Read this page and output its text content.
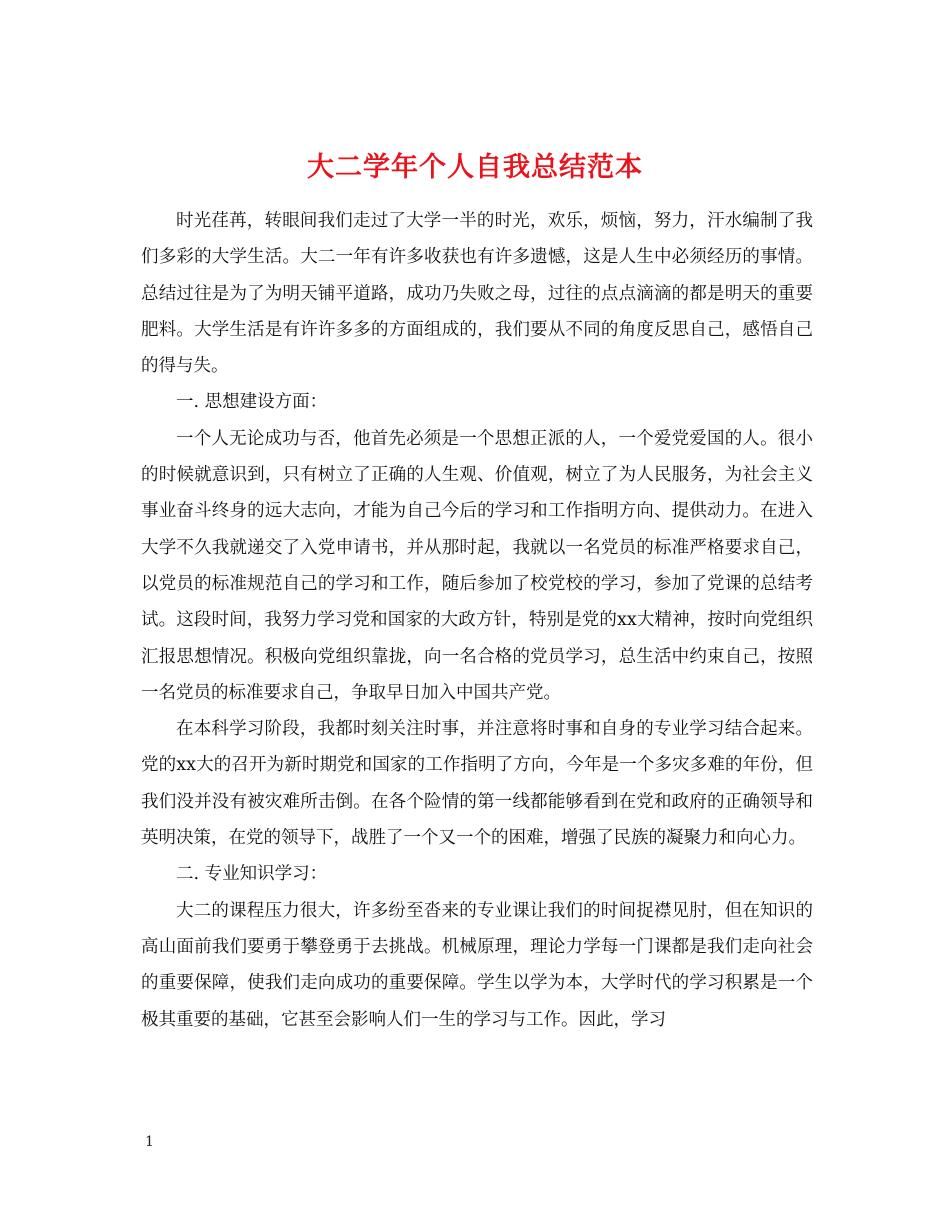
大二学年个人自我总结范本

时光荏苒，转眼间我们走过了大学一半的时光，欢乐，烦恼，努力，汗水编制了我们多彩的大学生活。大二一年有许多收获也有许多遗憾，这是人生中必须经历的事情。总结过往是为了为明天铺平道路，成功乃失败之母，过往的点点滴滴的都是明天的重要肥料。大学生活是有许许多多的方面组成的，我们要从不同的角度反思自己，感悟自己的得与失。

一. 思想建设方面：

一个人无论成功与否，他首先必须是一个思想正派的人，一个爱党爱国的人。很小的时候就意识到，只有树立了正确的人生观、价值观，树立了为人民服务，为社会主义事业奋斗终身的远大志向，才能为自己今后的学习和工作指明方向、提供动力。在进入大学不久我就递交了入党申请书，并从那时起，我就以一名党员的标准严格要求自己，以党员的标准规范自己的学习和工作，随后参加了校党校的学习，参加了党课的总结考试。这段时间，我努力学习党和国家的大政方针，特别是党的xx大精神，按时向党组织汇报思想情况。积极向党组织靠拢，向一名合格的党员学习，总生活中约束自己，按照一名党员的标准要求自己，争取早日加入中国共产党。

在本科学习阶段，我都时刻关注时事，并注意将时事和自身的专业学习结合起来。党的xx大的召开为新时期党和国家的工作指明了方向，今年是一个多灾多难的年份，但我们没并没有被灾难所击倒。在各个险情的第一线都能够看到在党和政府的正确领导和英明决策，在党的领导下，战胜了一个又一个的困难，增强了民族的凝聚力和向心力。

二. 专业知识学习：

大二的课程压力很大，许多纷至沓来的专业课让我们的时间捉襟见肘，但在知识的高山面前我们要勇于攀登勇于去挑战。机械原理，理论力学每一门课都是我们走向社会的重要保障，使我们走向成功的重要保障。学生以学为本，大学时代的学习积累是一个极其重要的基础，它甚至会影响人们一生的学习与工作。因此，学习

1
